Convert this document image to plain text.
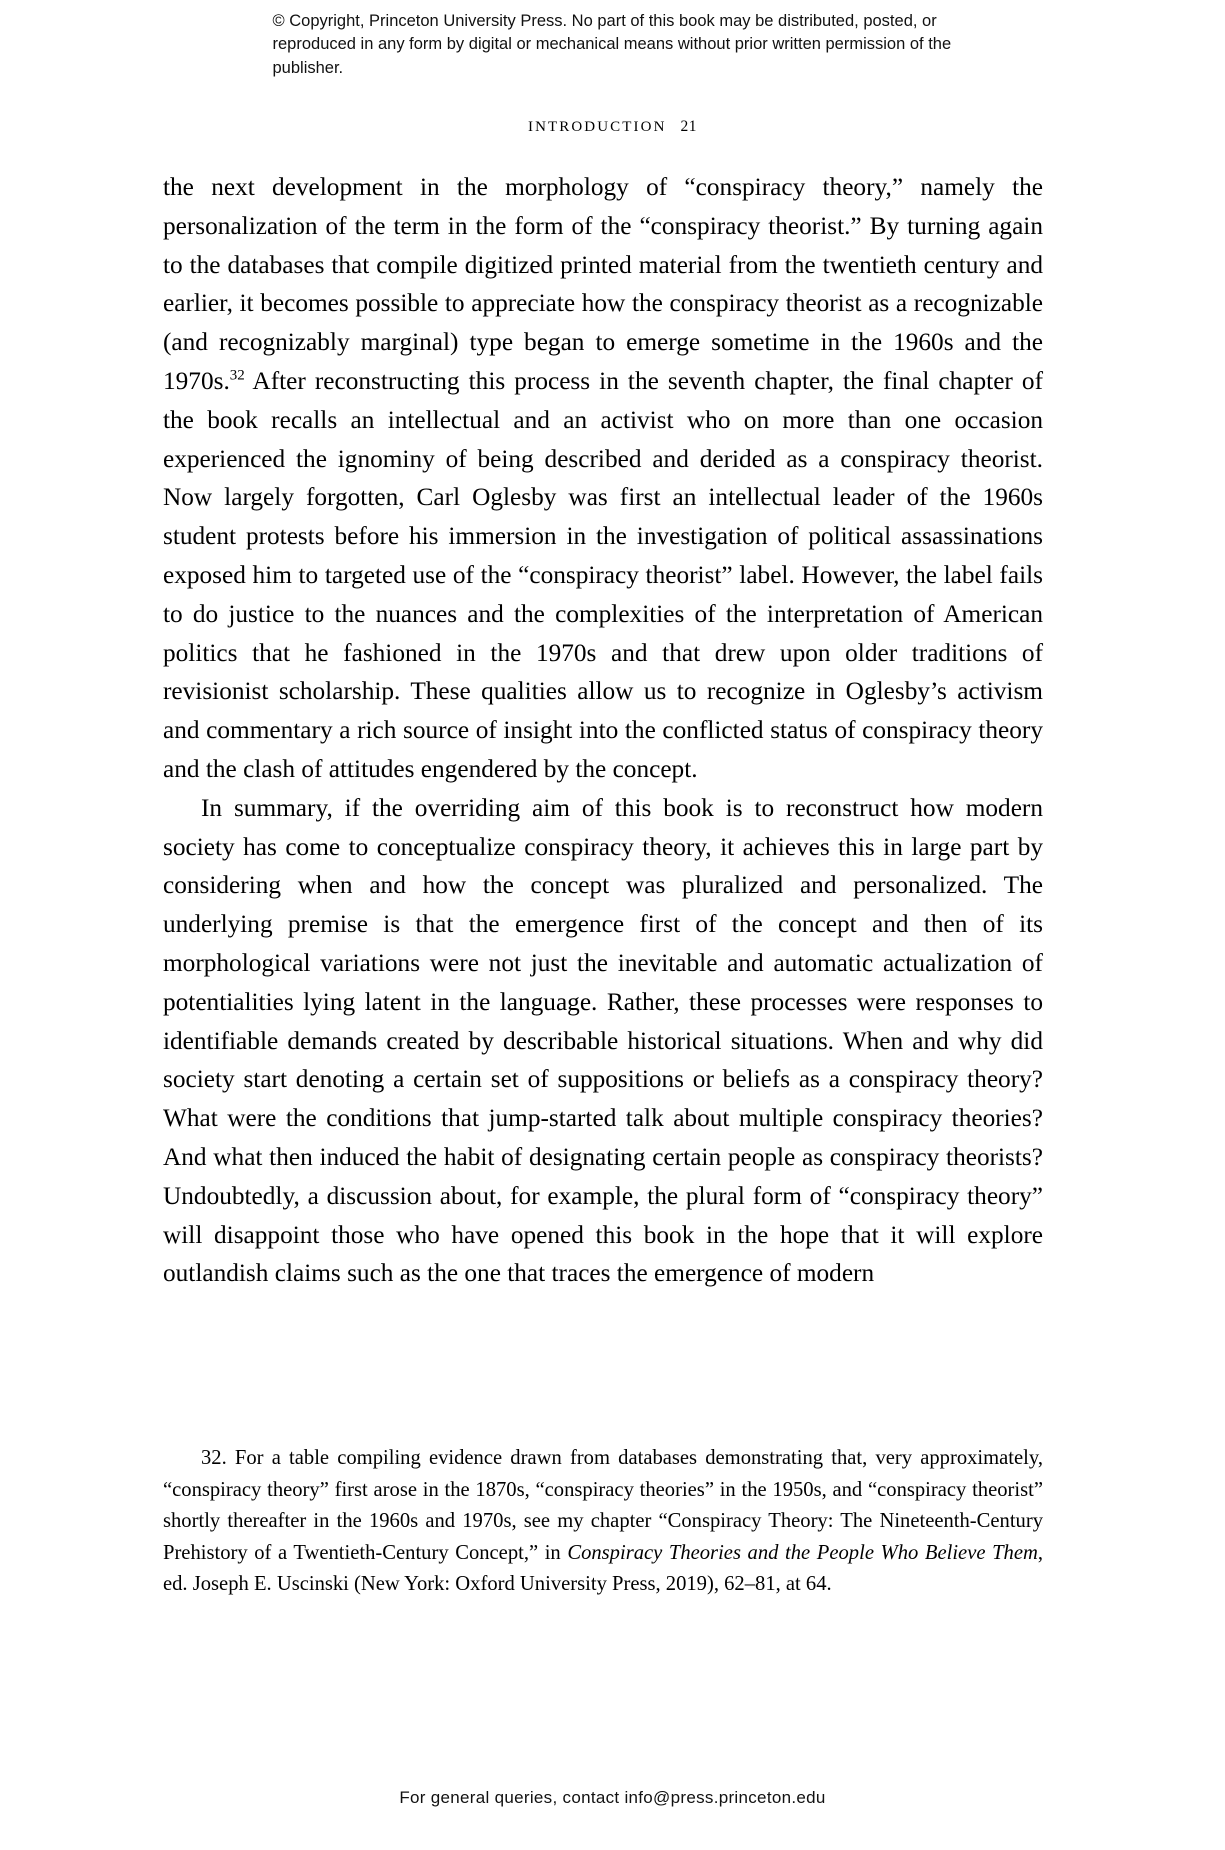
© Copyright, Princeton University Press. No part of this book may be distributed, posted, or reproduced in any form by digital or mechanical means without prior written permission of the publisher.
INTRODUCTION 21

the next development in the morphology of “conspiracy theory,” namely the personalization of the term in the form of the “conspiracy theorist.” By turning again to the databases that compile digitized printed material from the twentieth century and earlier, it becomes possible to appreciate how the conspiracy theorist as a recognizable (and recognizably marginal) type began to emerge sometime in the 1960s and the 1970s.$^{32}$ After reconstructing this process in the seventh chapter, the final chapter of the book recalls an intellectual and an activist who on more than one occasion experienced the ignominy of being described and derided as a conspiracy theorist. Now largely forgotten, Carl Oglesby was first an intellectual leader of the 1960s student protests before his immersion in the investigation of political assassinations exposed him to targeted use of the “conspiracy theorist” label. However, the label fails to do justice to the nuances and the complexities of the interpretation of American politics that he fashioned in the 1970s and that drew upon older traditions of revisionist scholarship. These qualities allow us to recognize in Oglesby’s activism and commentary a rich source of insight into the conflicted status of conspiracy theory and the clash of attitudes engendered by the concept.

In summary, if the overriding aim of this book is to reconstruct how modern society has come to conceptualize conspiracy theory, it achieves this in large part by considering when and how the concept was pluralized and personalized. The underlying premise is that the emergence first of the concept and then of its morphological variations were not just the inevitable and automatic actualization of potentialities lying latent in the language. Rather, these processes were responses to identifiable demands created by describable historical situations. When and why did society start denoting a certain set of suppositions or beliefs as a conspiracy theory? What were the conditions that jump-started talk about multiple conspiracy theories? And what then induced the habit of designating certain people as conspiracy theorists? Undoubtedly, a discussion about, for example, the plural form of “conspiracy theory” will disappoint those who have opened this book in the hope that it will explore outlandish claims such as the one that traces the emergence of modern

32. For a table compiling evidence drawn from databases demonstrating that, very approximately, “conspiracy theory” first arose in the 1870s, “conspiracy theories” in the 1950s, and “conspiracy theorist” shortly thereafter in the 1960s and 1970s, see my chapter “Conspiracy Theory: The Nineteenth-Century Prehistory of a Twentieth-Century Concept,” in Conspiracy Theories and the People Who Believe Them, ed. Joseph E. Uscinski (New York: Oxford University Press, 2019), 62–81, at 64.

For general queries, contact info@press.princeton.edu
